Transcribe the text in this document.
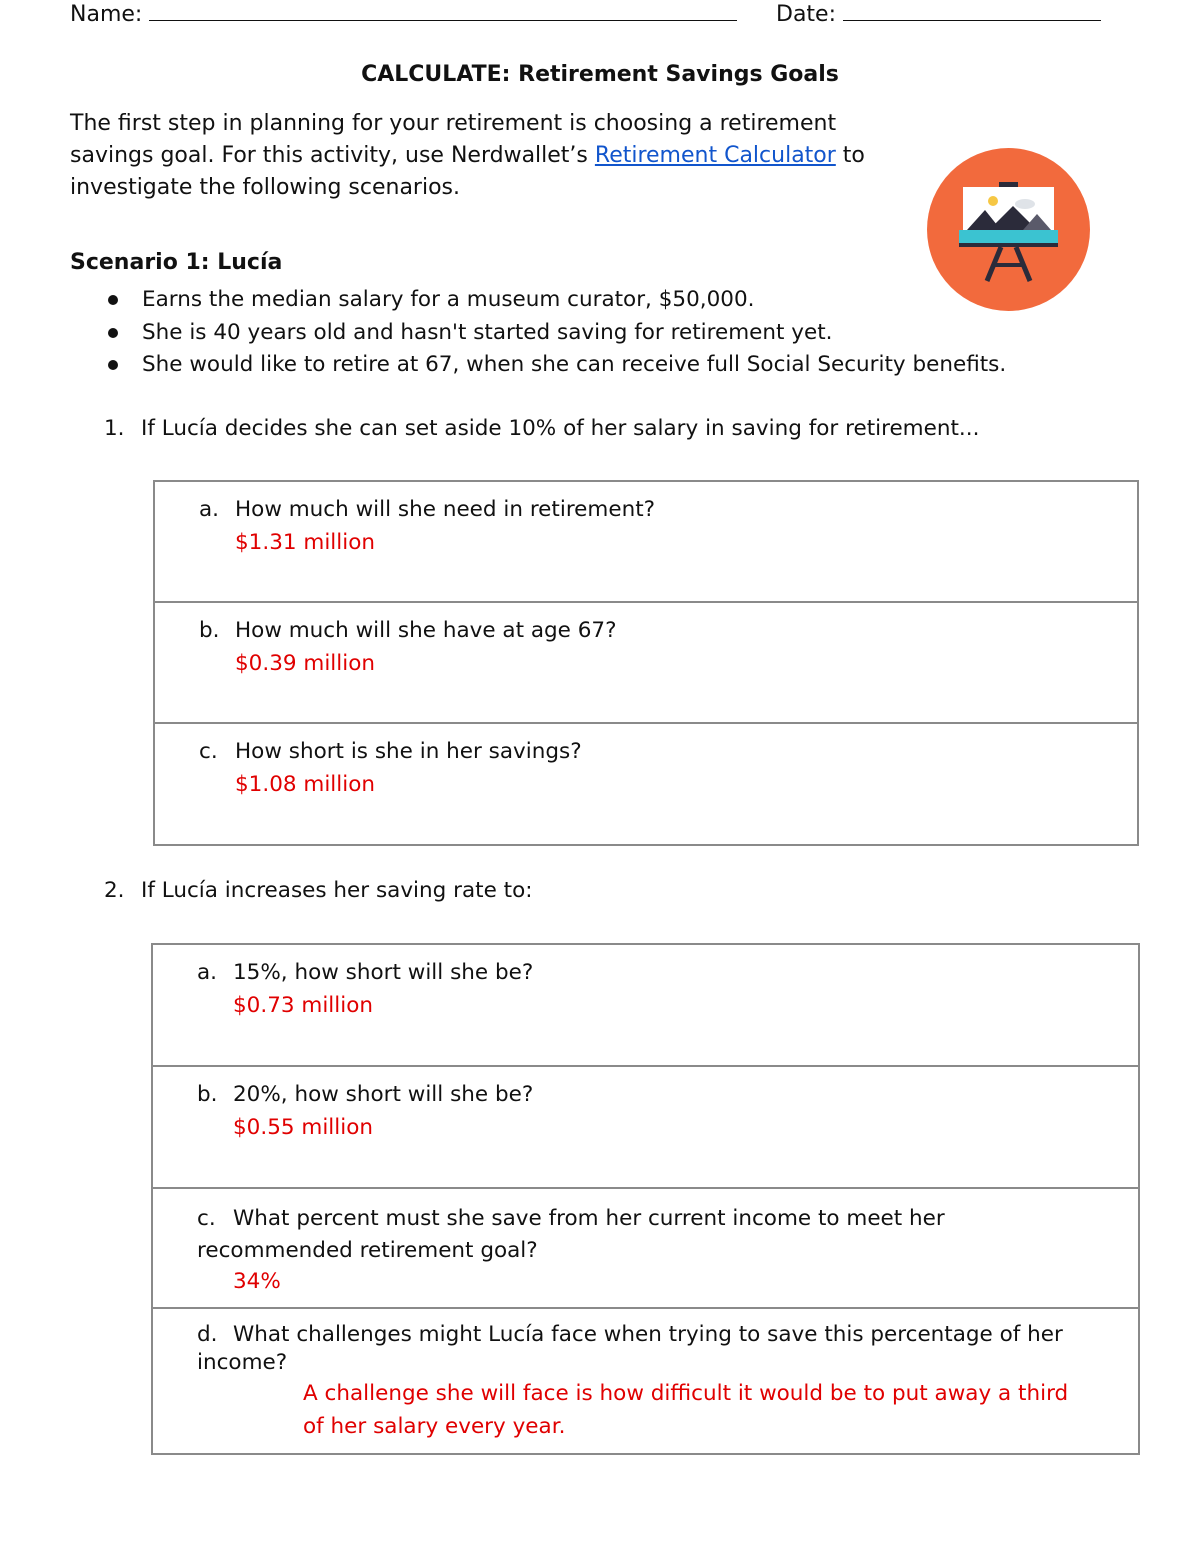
Name:	Date:
CALCULATE: Retirement Savings Goals
The first step in planning for your retirement is choosing a retirement savings goal. For this activity, use Nerdwallet’s Retirement Calculator to investigate the following scenarios.
Scenario 1: Lucía
Earns the median salary for a museum curator, $50,000.
She is 40 years old and hasn't started saving for retirement yet.
She would like to retire at 67, when she can receive full Social Security benefits.
1. If Lucía decides she can set aside 10% of her salary in saving for retirement...
a. How much will she need in retirement?
$1.31 million
b. How much will she have at age 67?
$0.39 million
c. How short is she in her savings?
$1.08 million
2. If Lucía increases her saving rate to:
a. 15%, how short will she be?
$0.73 million
b. 20%, how short will she be?
$0.55 million
c. What percent must she save from her current income to meet her recommended retirement goal?
34%
d. What challenges might Lucía face when trying to save this percentage of her income?
A challenge she will face is how difficult it would be to put away a third of her salary every year.
